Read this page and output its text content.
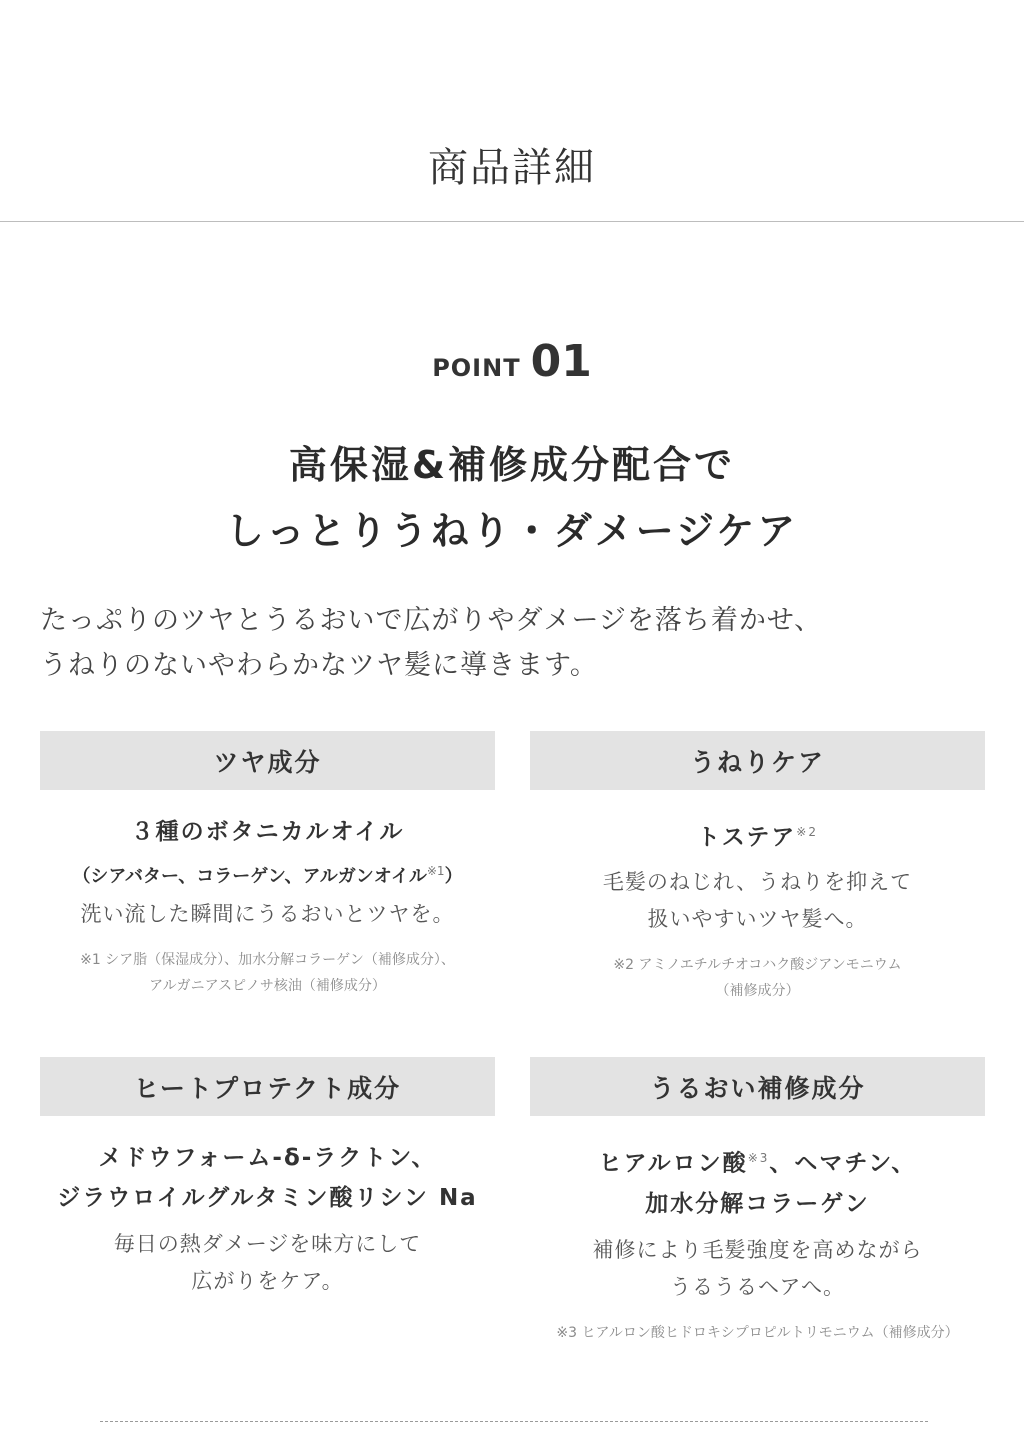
商品詳細
POINT 01
高保湿&補修成分配合で
しっとりうねり・ダメージケア
たっぷりのツヤとうるおいで広がりやダメージを落ち着かせ、
うねりのないやわらかなツヤ髪に導きます。
ツヤ成分
３種のボタニカルオイル
（シアバター、コラーゲン、アルガンオイル$^{※1}$）
洗い流した瞬間にうるおいとツヤを。
※1 シア脂（保湿成分）、加水分解コラーゲン（補修成分）、
アルガニアスピノサ核油（補修成分）
うねりケア
トステア$^{※2}$
毛髪のねじれ、うねりを抑えて
扱いやすいツヤ髪へ。
※2 アミノエチルチオコハク酸ジアンモニウム
（補修成分）
ヒートプロテクト成分
メドウフォーム-δ-ラクトン、
ジラウロイルグルタミン酸リシン Na
毎日の熱ダメージを味方にして
広がりをケア。
うるおい補修成分
ヒアルロン酸$^{※3}$、ヘマチン、
加水分解コラーゲン
補修により毛髪強度を高めながら
うるうるヘアへ。
※3 ヒアルロン酸ヒドロキシプロピルトリモニウム（補修成分）
